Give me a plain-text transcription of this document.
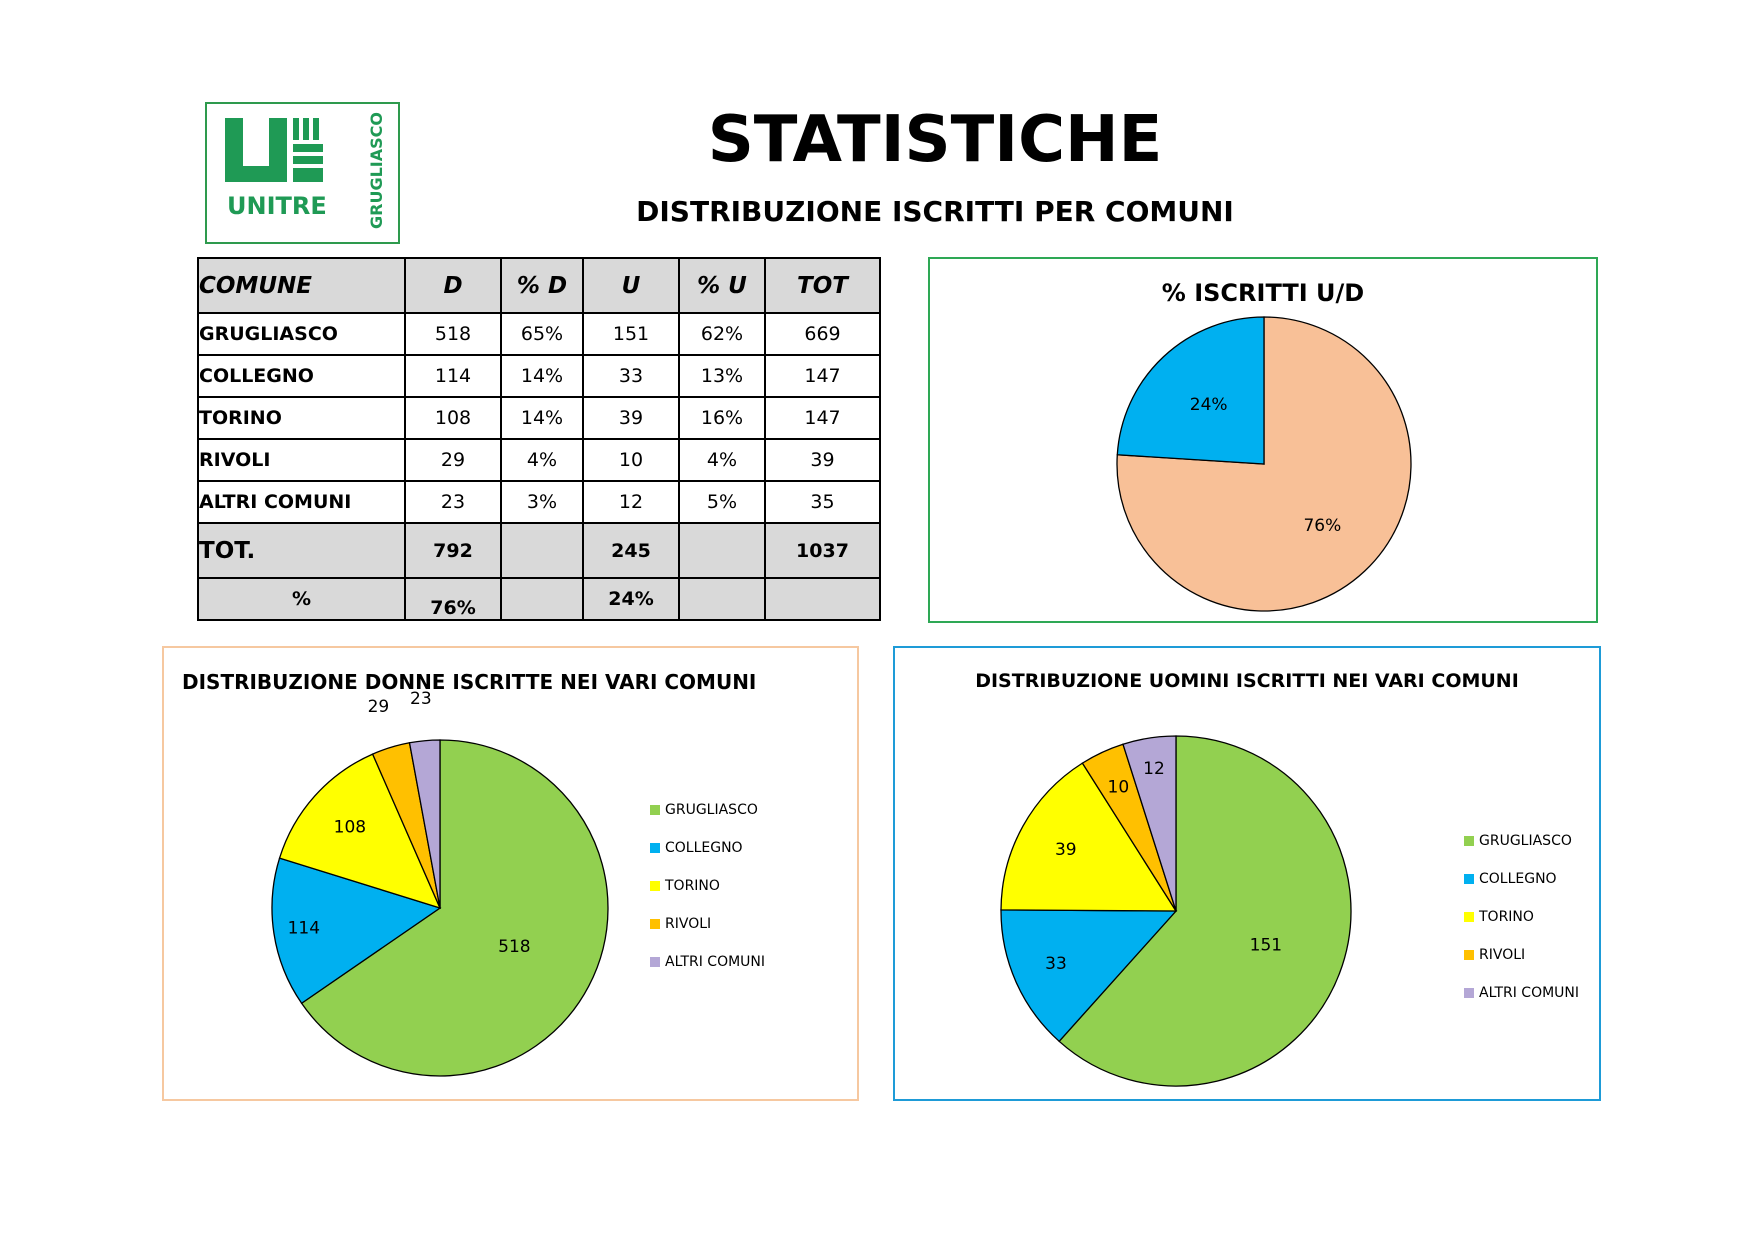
UNITRE	GRUGLIASCO	STATISTICHE
DISTRIBUZIONE ISCRITTI PER COMUNI
COMUNE	D	% D	U	% U	TOT
GRUGLIASCO	518	65%	151	62%	669
COLLEGNO	114	14%	33	13%	147
TORINO	108	14%	39	16%	147
RIVOLI	29	4%	10	4%	39
ALTRI COMUNI	23	3%	12	5%	35
TOT.	792		245		1037
%	76%		24%		
% ISCRITTI U/D
76%
24%
DISTRIBUZIONE DONNE ISCRITTE NEI VARI COMUNI
518
114
108
29 23
GRUGLIASCO
COLLEGNO
TORINO
RIVOLI
ALTRI COMUNI
DISTRIBUZIONE UOMINI ISCRITTI NEI VARI COMUNI
151
33
39
10
12
GRUGLIASCO
COLLEGNO
TORINO
RIVOLI
ALTRI COMUNI
